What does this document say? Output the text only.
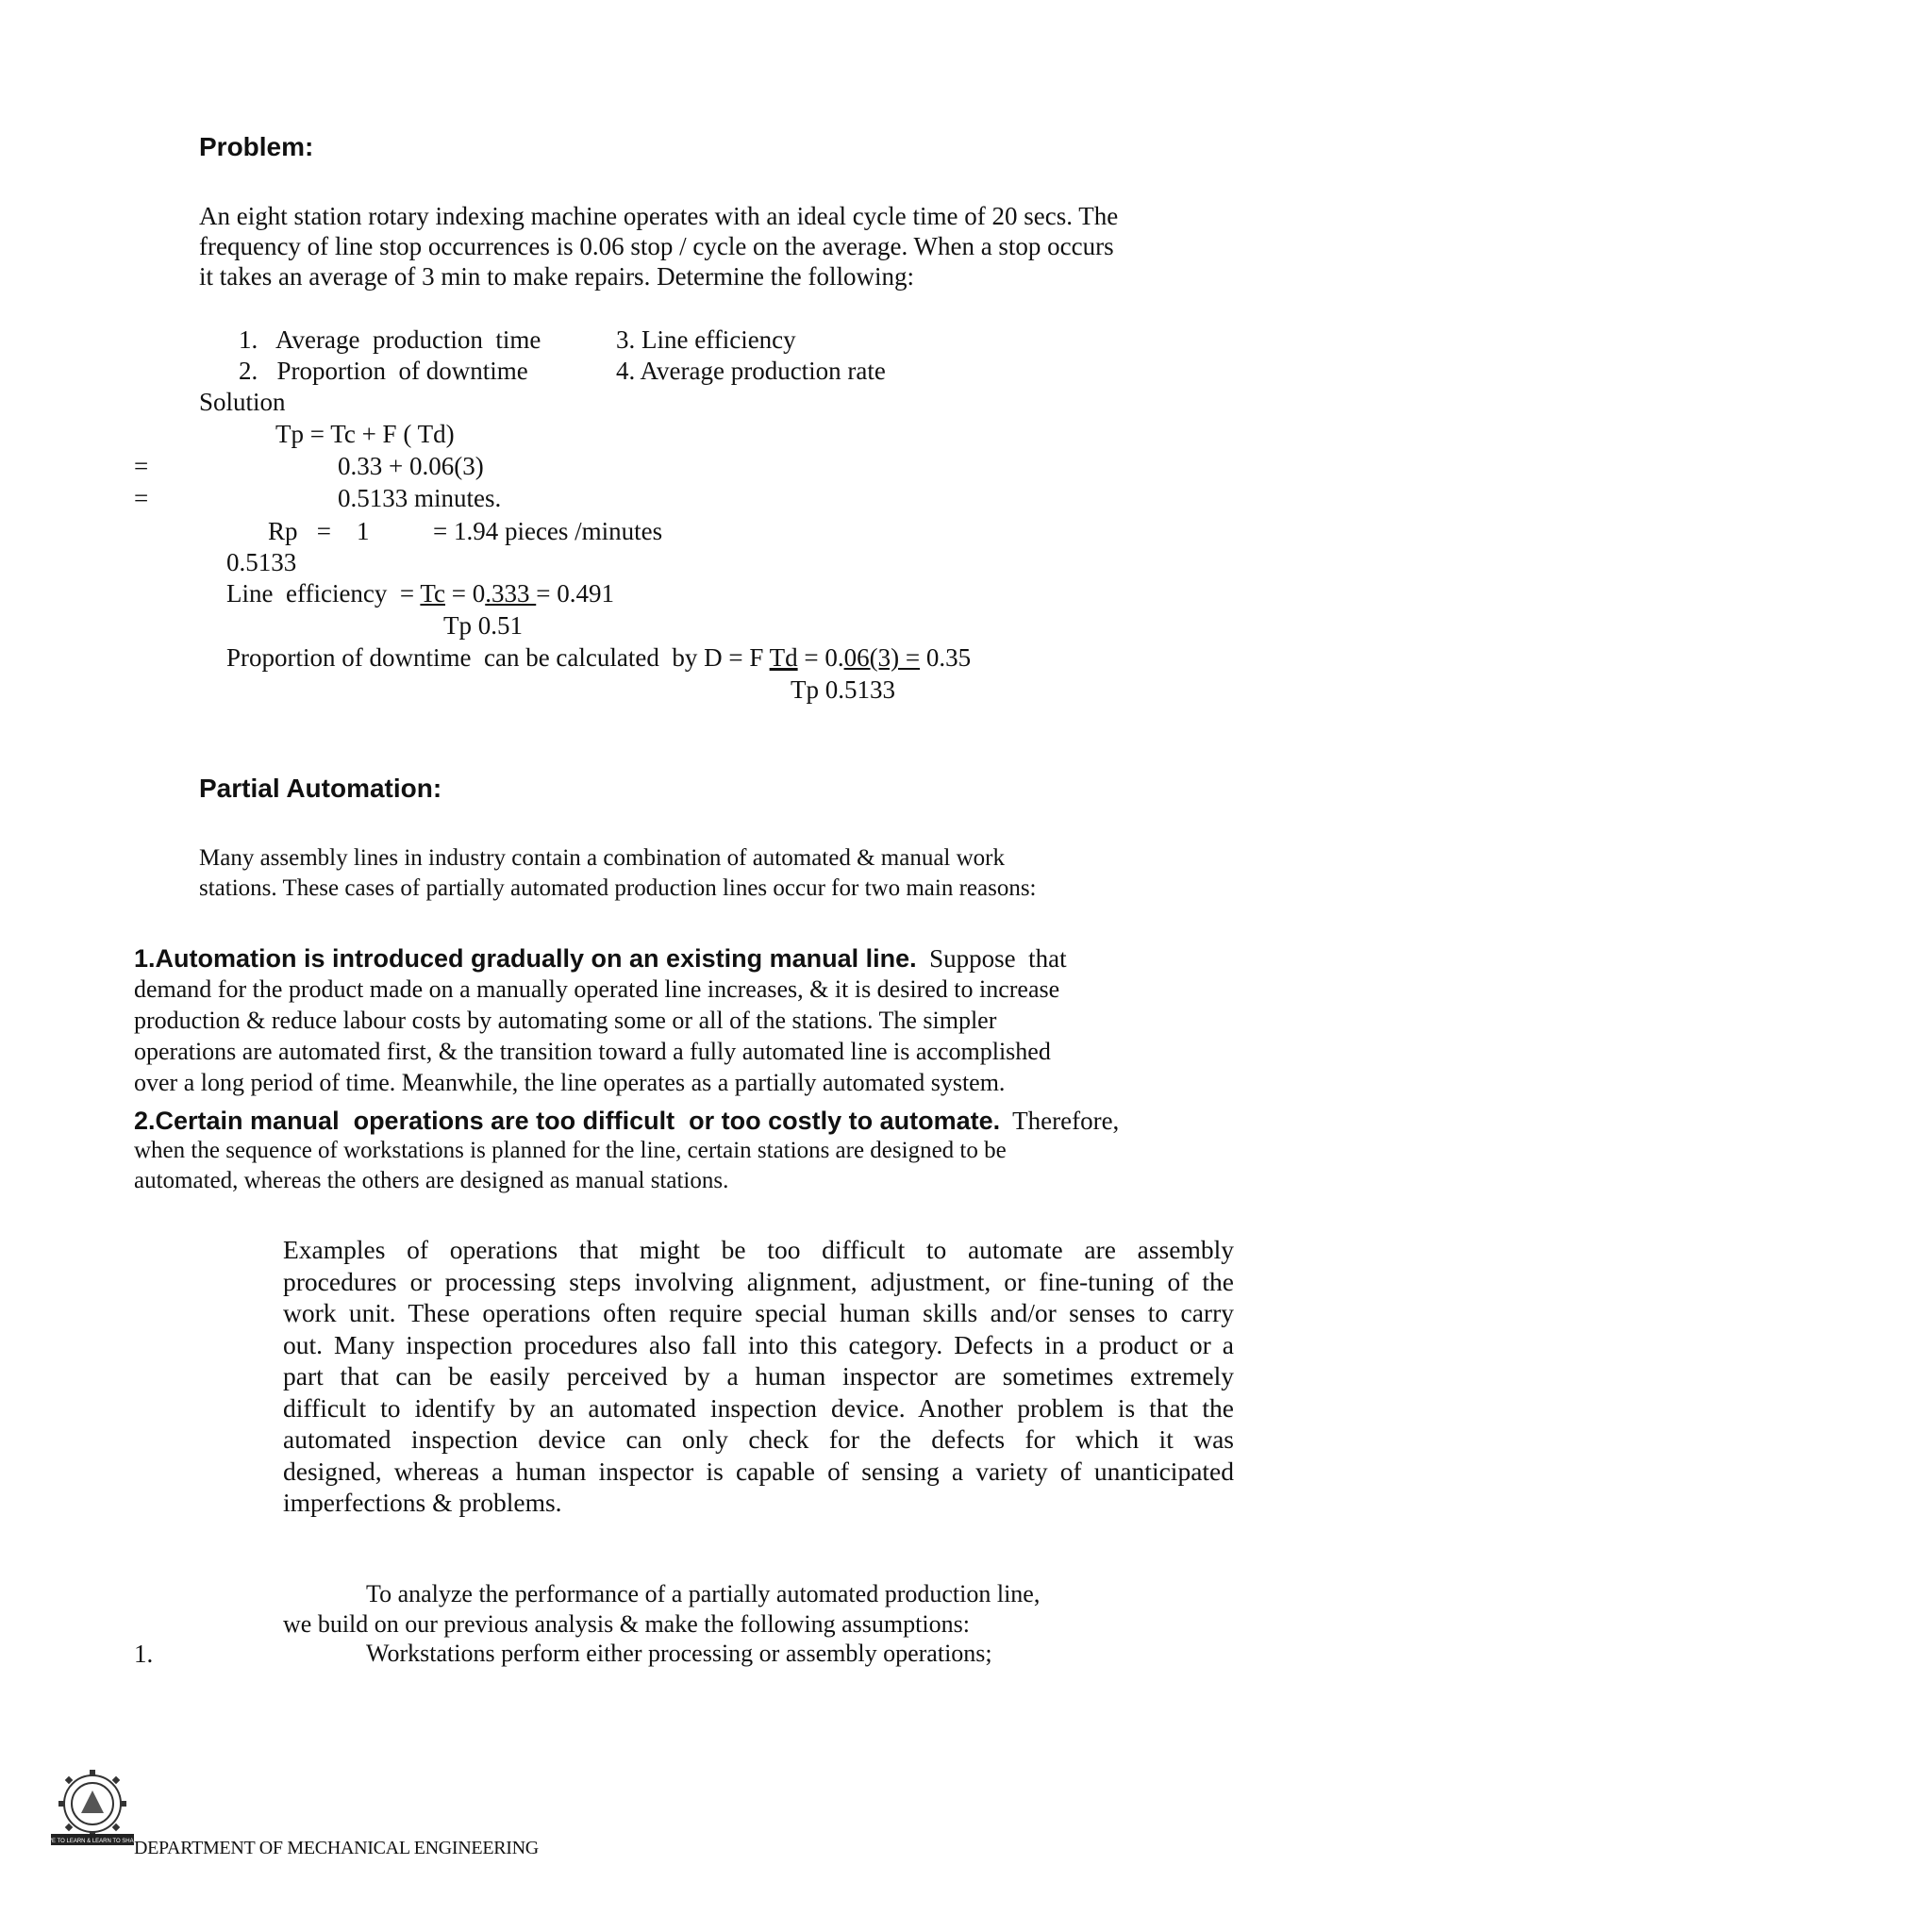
Problem:
An eight station rotary indexing machine operates with an ideal cycle time of 20 secs. The
frequency of line stop occurrences is 0.06 stop / cycle on the average. When a stop occurs
it takes an average of 3 min to make repairs. Determine the following:
1.   Average  production  time
2.   Proportion  of downtime
3. Line efficiency
4. Average production rate
Solution
Tp = Tc + F ( Td)
=	0.33 + 0.06(3)
=	0.5133 minutes.
Rp   =    1          = 1.94 pieces /minutes
0.5133
Line  efficiency  = Tc = 0.333 = 0.491
Tp 0.51
Proportion of downtime  can be calculated  by D = F Td = 0.06(3) = 0.35
Tp 0.5133
Partial Automation:
Many assembly lines in industry contain a combination of automated & manual work
stations. These cases of partially automated production lines occur for two main reasons:
1.Automation is introduced gradually on an existing manual line.  Suppose  that
demand for the product made on a manually operated line increases, & it is desired to increase
production & reduce labour costs by automating some or all of the stations. The simpler
operations are automated first, & the transition toward a fully automated line is accomplished
over a long period of time. Meanwhile, the line operates as a partially automated system.
2.Certain manual  operations are too difficult  or too costly to automate.  Therefore,
when the sequence of workstations is planned for the line, certain stations are designed to be
automated, whereas the others are designed as manual stations.
Examples of operations that might be too difficult to automate are assembly
procedures or processing steps involving alignment, adjustment, or fine-tuning of the
work unit. These operations often require special human skills and/or senses to carry
out. Many inspection procedures also fall into this category. Defects in a product or a
part that can be easily perceived by a human inspector are sometimes extremely
difficult to identify by an automated inspection device. Another problem is that the
automated inspection device can only check for the defects for which it was
designed, whereas a human inspector is capable of sensing a variety of unanticipated
imperfections & problems.
To analyze the performance of a partially automated production line,
we build on our previous analysis & make the following assumptions:
1.	Workstations perform either processing or assembly operations;
LIVE TO LEARN & LEARN TO SHARE
DEPARTMENT OF MECHANICAL ENGINEERING
